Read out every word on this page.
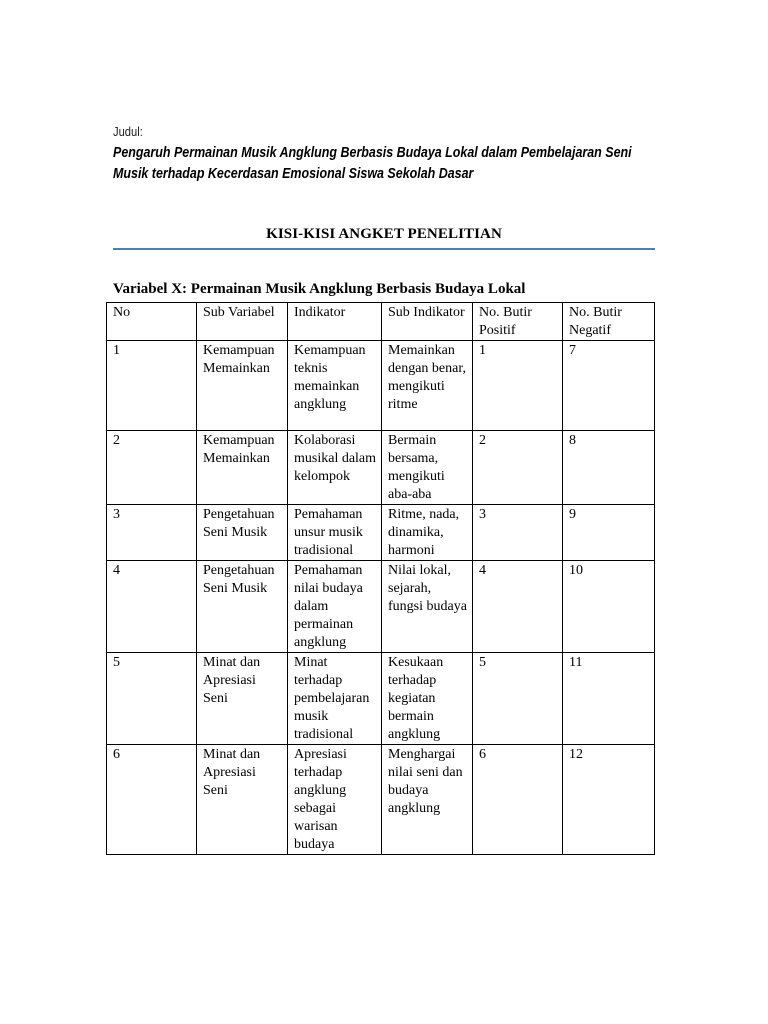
Judul:
Pengaruh Permainan Musik Angklung Berbasis Budaya Lokal dalam Pembelajaran Seni Musik terhadap Kecerdasan Emosional Siswa Sekolah Dasar
KISI-KISI ANGKET PENELITIAN
Variabel X: Permainan Musik Angklung Berbasis Budaya Lokal
No	Sub Variabel	Indikator	Sub Indikator	No. Butir Positif	No. Butir Negatif
1	Kemampuan Memainkan	Kemampuan teknis memainkan angklung	Memainkan dengan benar, mengikuti ritme	1	7
2	Kemampuan Memainkan	Kolaborasi musikal dalam kelompok	Bermain bersama, mengikuti aba-aba	2	8
3	Pengetahuan Seni Musik	Pemahaman unsur musik tradisional	Ritme, nada, dinamika, harmoni	3	9
4	Pengetahuan Seni Musik	Pemahaman nilai budaya dalam permainan angklung	Nilai lokal, sejarah, fungsi budaya	4	10
5	Minat dan Apresiasi Seni	Minat terhadap pembelajaran musik tradisional	Kesukaan terhadap kegiatan bermain angklung	5	11
6	Minat dan Apresiasi Seni	Apresiasi terhadap angklung sebagai warisan budaya	Menghargai nilai seni dan budaya angklung	6	12
